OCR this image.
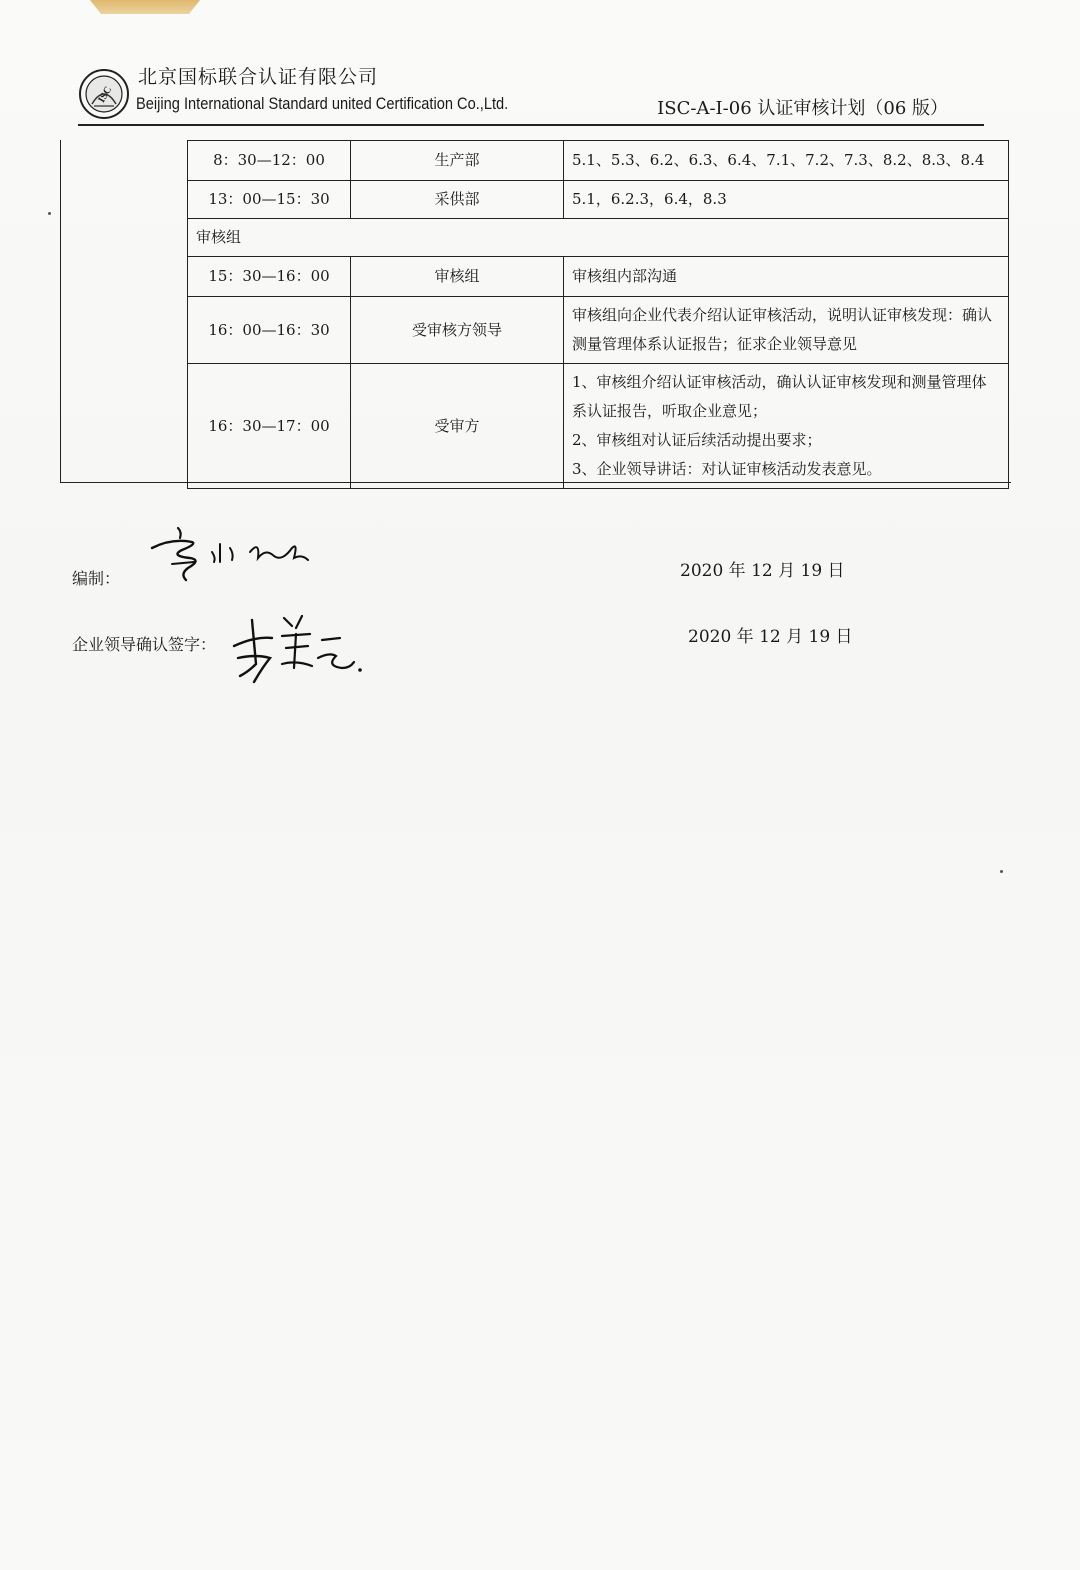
ISC
北京国标联合认证有限公司
Beijing International Standard united Certification Co.,Ltd.	ISC-A-I-06 认证审核计划（06 版）
8：30—12：00	生产部	5.1、5.3、6.2、6.3、6.4、7.1、7.2、7.3、8.2、8.3、8.4

13：00—15：30	采供部	5.1，6.2.3，6.4，8.3

审核组		
15：30—16：00	审核组	审核组内部沟通

16：00—16：30	受审核方领导	审核组向企业代表介绍认证审核活动，说明认证审核发现：确认测量管理体系认证报告；征求企业领导意见

16：30—17：00	受审方	1、审核组介绍认证审核活动，确认认证审核发现和测量管理体系认证报告，听取企业意见；
2、审核组对认证后续活动提出要求；
3、企业领导讲话：对认证审核活动发表意见。
编制：	2020 年 12 月 19 日
企业领导确认签字：	2020 年 12 月 19 日
